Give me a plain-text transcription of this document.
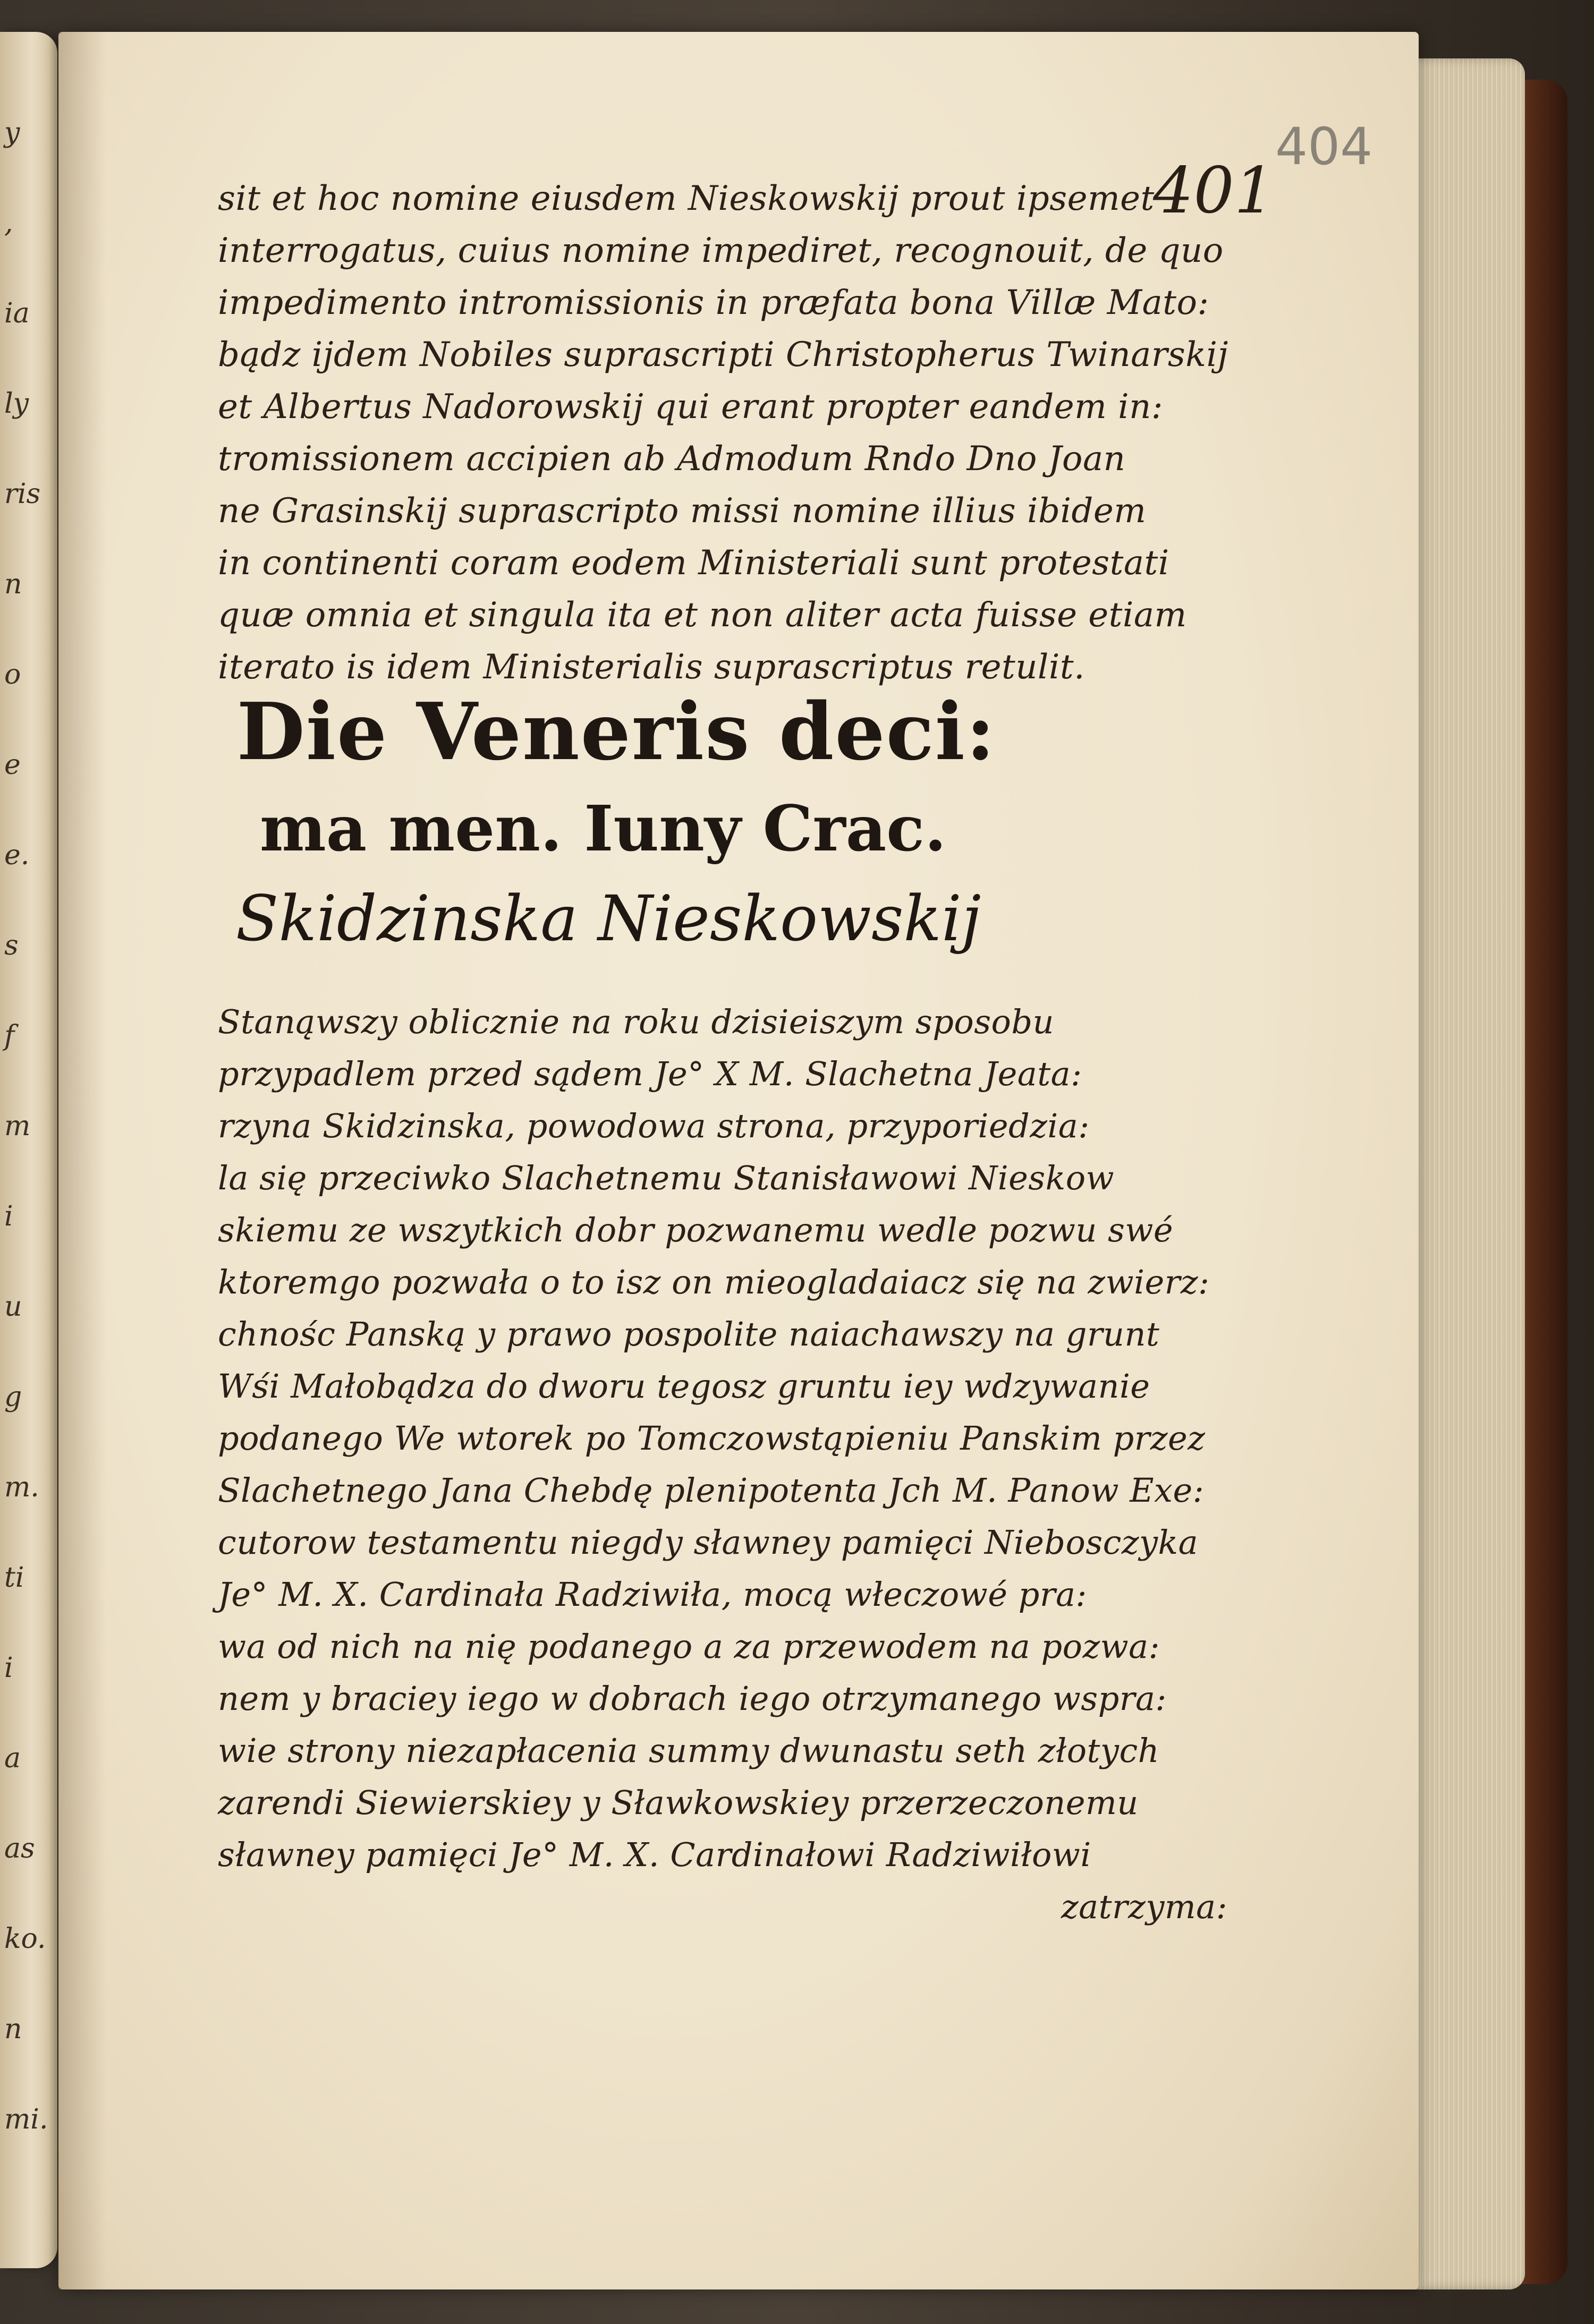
y
,
ia
ly
ris
n
o
e
e.
s
f
m
i
u
g
m.
ti
i
a
as
ko.
n
mi.
404
401
sit et hoc nomine eiusdem Nieskowskij prout ipsemet
interrogatus, cuius nomine impediret, recognouit, de quo
impedimento intromissionis in præfata bona Villæ Mato:
bądz ijdem Nobiles suprascripti Christopherus Twinarskij
et Albertus Nadorowskij qui erant propter eandem in:
tromissionem accipien ab Admodum Rndo Dno Joan
ne Grasinskij suprascripto missi nomine illius ibidem
in continenti coram eodem Ministeriali sunt protestati
quæ omnia et singula ita et non aliter acta fuisse etiam
iterato is idem Ministerialis suprascriptus retulit.
Die Veneris deci:
ma men. Iuny Crac.
Skidzinska Nieskowskij
Stanąwszy oblicznie na roku dzisieiszym sposobu
przypadlem przed sądem Je° X Μ. Slachetna Jeata:
rzyna Skidzinska, powodowa strona, przyporiedzia:
la się przeciwko Slachetnemu Stanisławowi Nieskow
skiemu ze wszytkich dobr pozwanemu wedle pozwu swé
ktoremgo pozwała o to isz on mieogladaiacz się na zwierz:
chnośc Panską y prawo pospolite naiachawszy na grunt
Wśi Małobądza do dworu tegosz gruntu iey wdzywanie
podanego We wtorek po Tomczowstąpieniu Panskim przez
Slachetnego Jana Chebdę plenipotenta Jch Μ. Panow Exe:
cutorow testamentu niegdy sławney pamięci Niebosczyka
Je° Μ. X. Cardinała Radziwiła, mocą włeczowé pra:
wa od nich na nię podanego a za przewodem na pozwa:
nem y braciey iego w dobrach iego otrzymanego wspra:
wie strony niezapłacenia summy dwunastu seth złotych
zarendi Siewierskiey y Sławkowskiey przerzeczonemu
sławney pamięci Je° Μ. X. Cardinałowi Radziwiłowi
zatrzyma:
